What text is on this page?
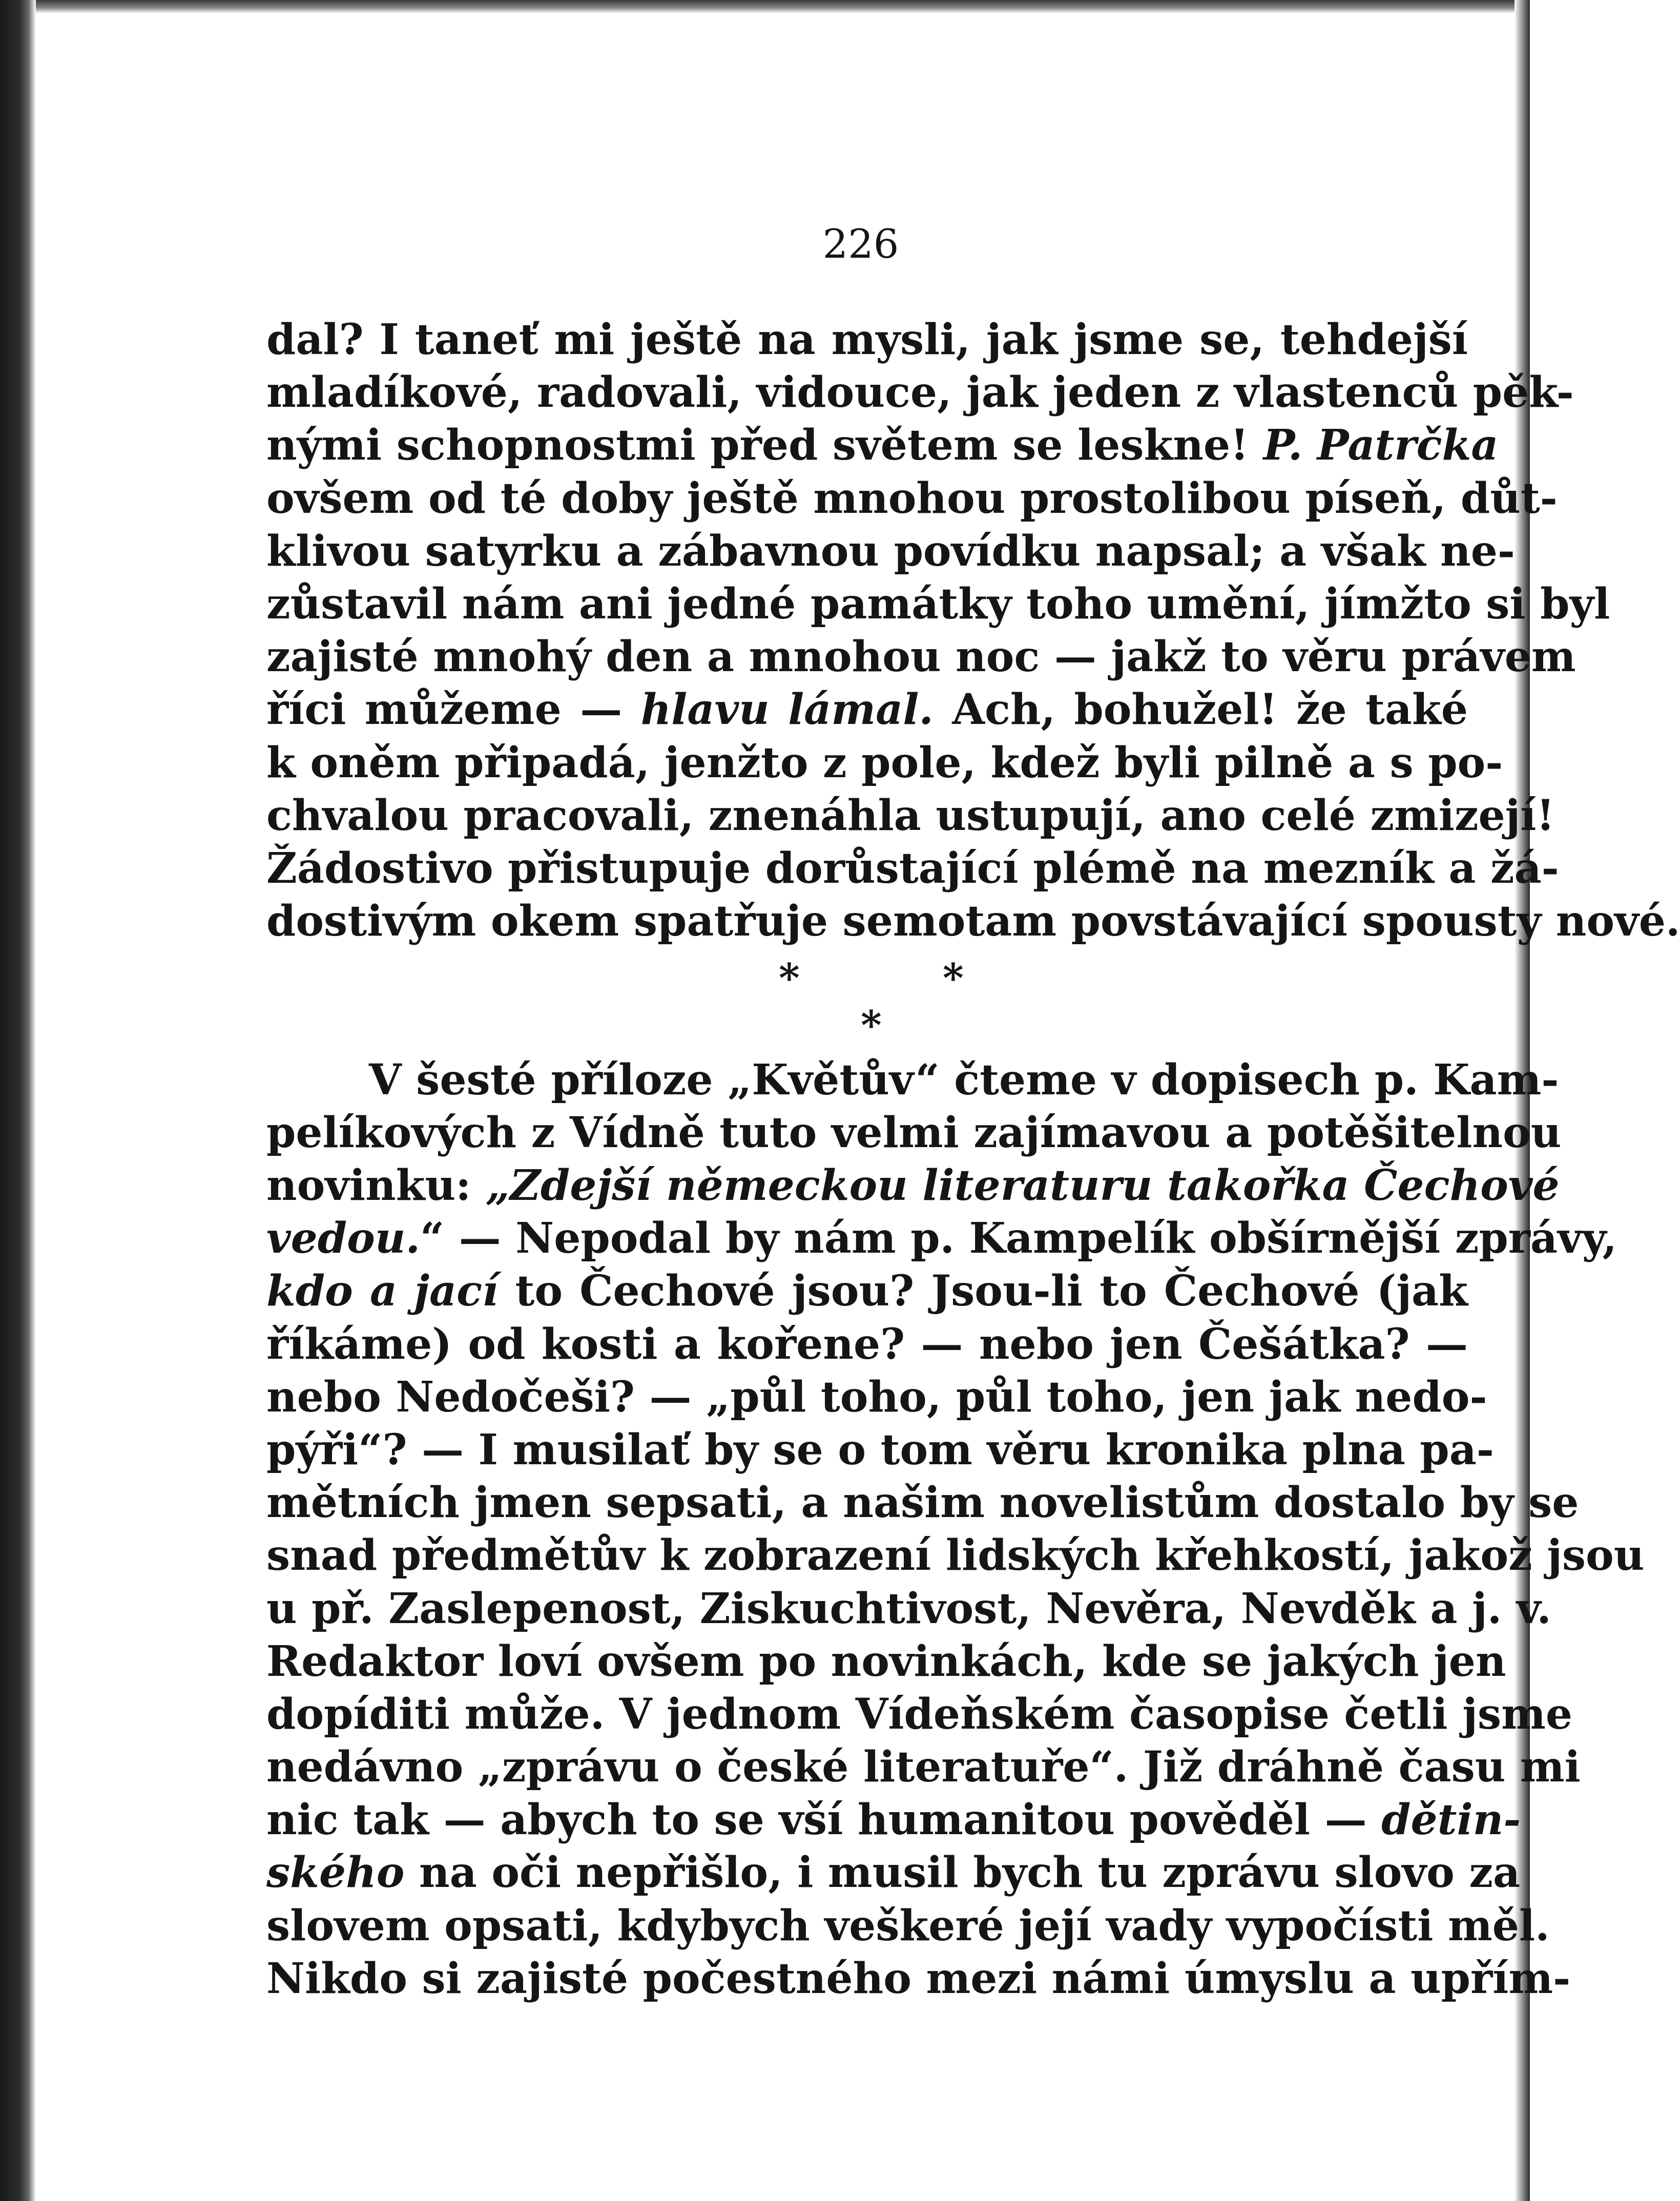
226
dal? I taneť mi ještě na mysli, jak jsme se, tehdejší
mladíkové, radovali, vidouce, jak jeden z vlastenců pěk-
nými schopnostmi před světem se leskne! P. Patrčka
ovšem od té doby ještě mnohou prostolibou píseň, důt-
klivou satyrku a zábavnou povídku napsal; a však ne-
zůstavil nám ani jedné památky toho umění, jímžto si byl
zajisté mnohý den a mnohou noc — jakž to věru právem
říci můžeme — hlavu lámal. Ach, bohužel! že také
k oněm připadá, jenžto z pole, kdež byli pilně a s po-
chvalou pracovali, znenáhla ustupují, ano celé zmizejí!
Žádostivo přistupuje dorůstající plémě na mezník a žá-
dostivým okem spatřuje semotam povstávající spousty nové.
*	*
*
V šesté příloze „Květův“ čteme v dopisech p. Kam-
pelíkových z Vídně tuto velmi zajímavou a potěšitelnou
novinku: „Zdejší německou literaturu takořka Čechové
vedou.“ — Nepodal by nám p. Kampelík obšírnější zprávy,
kdo a jací to Čechové jsou? Jsou-li to Čechové (jak
říkáme) od kosti a kořene? — nebo jen Češátka? —
nebo Nedočeši? — „půl toho, půl toho, jen jak nedo-
pýři“? — I musilať by se o tom věru kronika plna pa-
mětních jmen sepsati, a našim novelistům dostalo by se
snad předmětův k zobrazení lidských křehkostí, jakož jsou
u př. Zaslepenost, Ziskuchtivost, Nevěra, Nevděk a j. v.
Redaktor loví ovšem po novinkách, kde se jakých jen
dopíditi může. V jednom Vídeňském časopise četli jsme
nedávno „zprávu o české literatuře“. Již dráhně času mi
nic tak — abych to se vší humanitou pověděl — dětin-
ského na oči nepřišlo, i musil bych tu zprávu slovo za
slovem opsati, kdybych veškeré její vady vypočísti měl.
Nikdo si zajisté počestného mezi námi úmyslu a upřím-
